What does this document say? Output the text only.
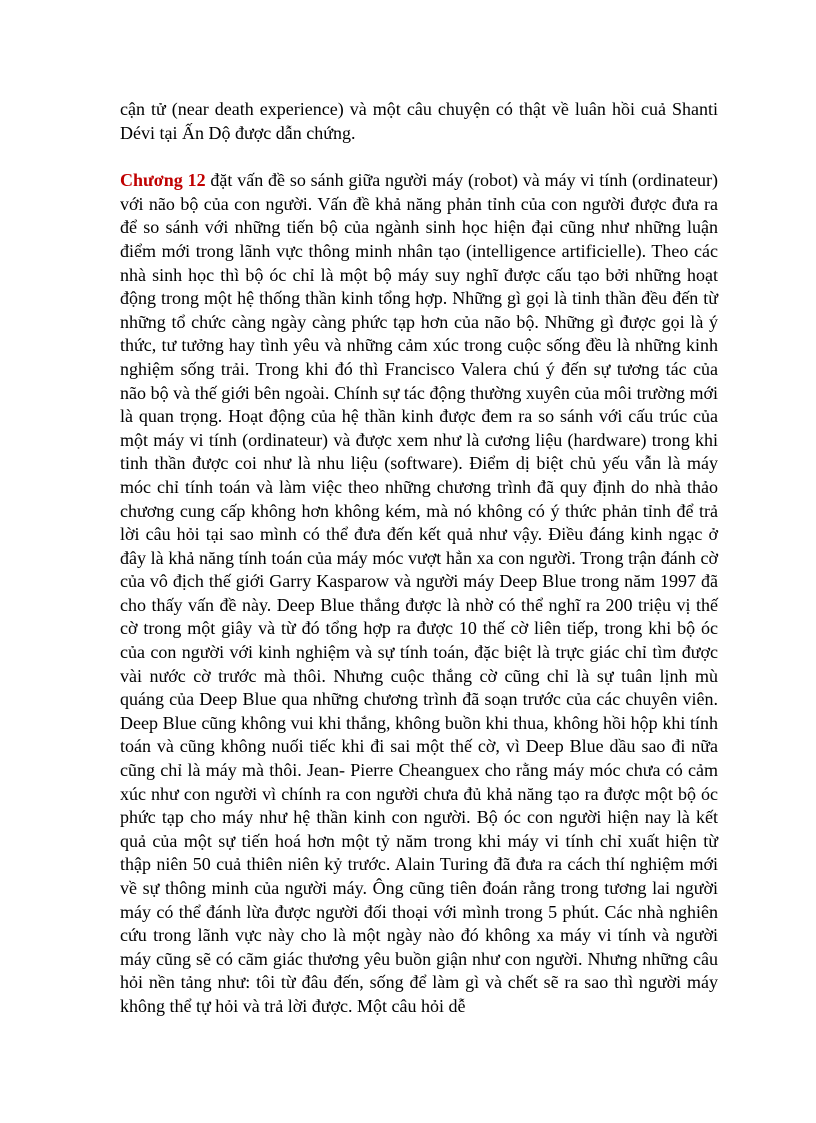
cận tử (near death experience) và một câu chuyện có thật về luân hồi cuả Shanti Dévi tại Ấn Dộ được dẫn chứng.

Chương 12 đặt vấn đề so sánh giữa người máy (robot) và máy vi tính (ordinateur) với não bộ của con người. Vấn đề khả năng phản tỉnh của con người được đưa ra để so sánh với những tiến bộ của ngành sinh học hiện đại cũng như những luận điểm mới trong lãnh vực thông minh nhân tạo (intelligence artificielle). Theo các nhà sinh học thì bộ óc chỉ là một bộ máy suy nghĩ được cấu tạo bởi những hoạt động trong một hệ thống thần kinh tổng hợp. Những gì gọi là tinh thần đều đến từ những tổ chức càng ngày càng phức tạp hơn của não bộ. Những gì được gọi là ý thức, tư tưởng hay tình yêu và những cảm xúc trong cuộc sống đều là những kinh nghiệm sống trải. Trong khi đó thì Francisco Valera chú ý đến sự tương tác của não bộ và thế giới bên ngoài. Chính sự tác động thường xuyên của môi trường mới là quan trọng. Hoạt động của hệ thần kinh được đem ra so sánh với cấu trúc của một máy vi tính (ordinateur) và được xem như là cương liệu (hardware) trong khi tinh thần được coi như là nhu liệu (software). Điểm dị biệt chủ yếu vẫn là máy móc chỉ tính toán và làm việc theo những chương trình đã quy định do nhà thảo chương cung cấp không hơn không kém, mà nó không có ý thức phản tỉnh để trả lời câu hỏi tại sao mình có thể đưa đến kết quả như vậy. Điều đáng kinh ngạc ở đây là khả năng tính toán của máy móc vượt hẳn xa con người. Trong trận đánh cờ của vô địch thế giới Garry Kasparow và người máy Deep Blue trong năm 1997 đã cho thấy vấn đề này. Deep Blue thắng được là nhờ có thể nghĩ ra 200 triệu vị thế cờ trong một giây và từ đó tổng hợp ra được 10 thế cờ liên tiếp, trong khi bộ óc của con người với kinh nghiệm và sự tính toán, đặc biệt là trực giác chỉ tìm được vài nước cờ trước mà thôi. Nhưng cuộc thắng cờ cũng chỉ là sự tuân lịnh mù quáng của Deep Blue qua những chương trình đã soạn trước của các chuyên viên. Deep Blue cũng không vui khi thắng, không buồn khi thua, không hồi hộp khi tính toán và cũng không nuối tiếc khi đi sai một thế cờ, vì Deep Blue dầu sao đi nữa cũng chỉ là máy mà thôi. Jean- Pierre Cheanguex cho rằng máy móc chưa có cảm xúc như con người vì chính ra con người chưa đủ khả năng tạo ra được một bộ óc phức tạp cho máy như hệ thần kinh con người. Bộ óc con người hiện nay là kết quả của một sự tiến hoá hơn một tỷ năm trong khi máy vi tính chỉ xuất hiện từ thập niên 50 cuả thiên niên kỷ trước. Alain Turing đã đưa ra cách thí nghiệm mới về sự thông minh của người máy. Ông cũng tiên đoán rằng trong tương lai người máy có thể đánh lừa được người đối thoại với mình trong 5 phút. Các nhà nghiên cứu trong lãnh vực này cho là một ngày nào đó không xa máy vi tính và người máy cũng sẽ có cãm giác thương yêu buồn giận như con người. Nhưng những câu hỏi nền tảng như: tôi từ đâu đến, sống để làm gì và chết sẽ ra sao thì người máy không thể tự hỏi và trả lời được. Một câu hỏi dễ
